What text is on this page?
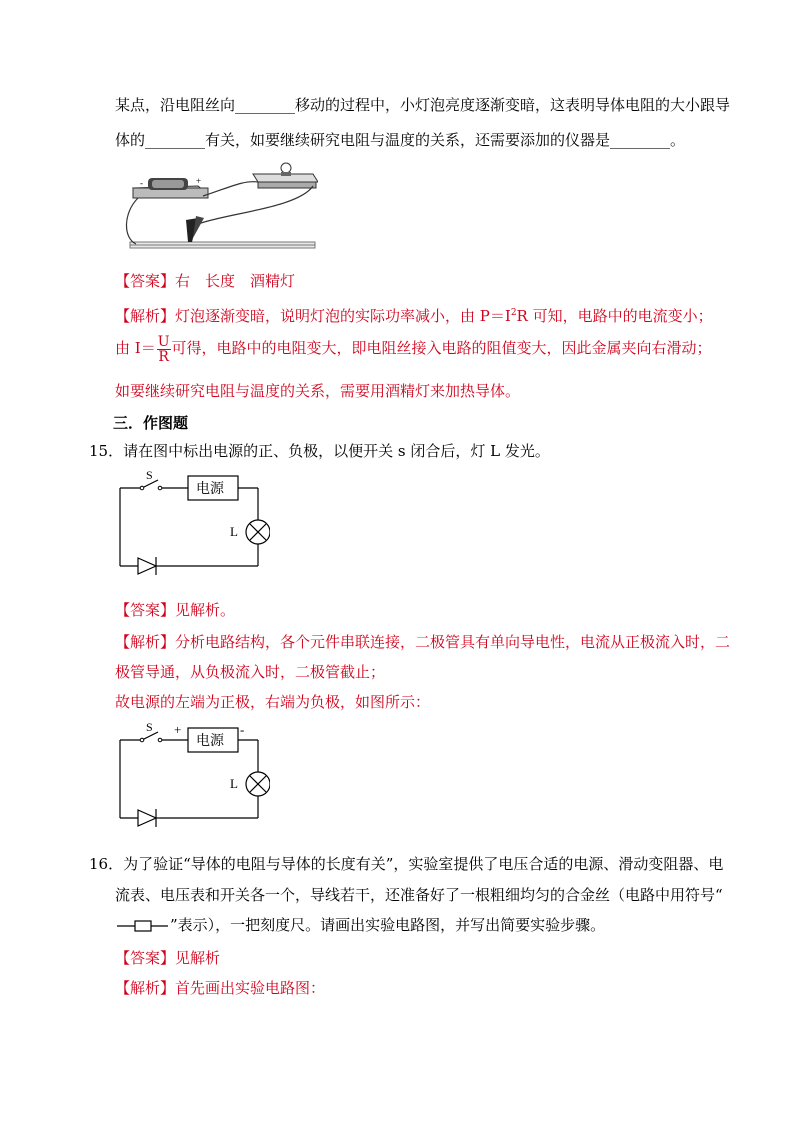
某点，沿电阻丝向________移动的过程中，小灯泡亮度逐渐变暗，这表明导体电阻的大小跟导
体的________有关，如要继续研究电阻与温度的关系，还需要添加的仪器是________。
-	+
【答案】右　长度　酒精灯
【解析】灯泡逐渐变暗，说明灯泡的实际功率减小，由 $P=I^2R$ 可知，电路中的电流变小；
由 $I= \frac{U}{R}$ 可得，电路中的电阻变大，即电阻丝接入电路的阻值变大，因此金属夹向右滑动；
如要继续研究电阻与温度的关系，需要用酒精灯来加热导体。
三．作图题
15．请在图中标出电源的正、负极，以便开关 s 闭合后，灯 L 发光。
S
电源
L
【答案】见解析。
【解析】分析电路结构，各个元件串联连接，二极管具有单向导电性，电流从正极流入时，二
极管导通，从负极流入时，二极管截止；
故电源的左端为正极，右端为负极，如图所示：
S +	-
电源
L
16．为了验证“导体的电阻与导体的长度有关”，实验室提供了电压合适的电源、滑动变阻器、电
流表、电压表和开关各一个，导线若干，还准备好了一根粗细均匀的合金丝（电路中用符号“
”表示），一把刻度尺。请画出实验电路图，并写出简要实验步骤。
【答案】见解析
【解析】首先画出实验电路图：
